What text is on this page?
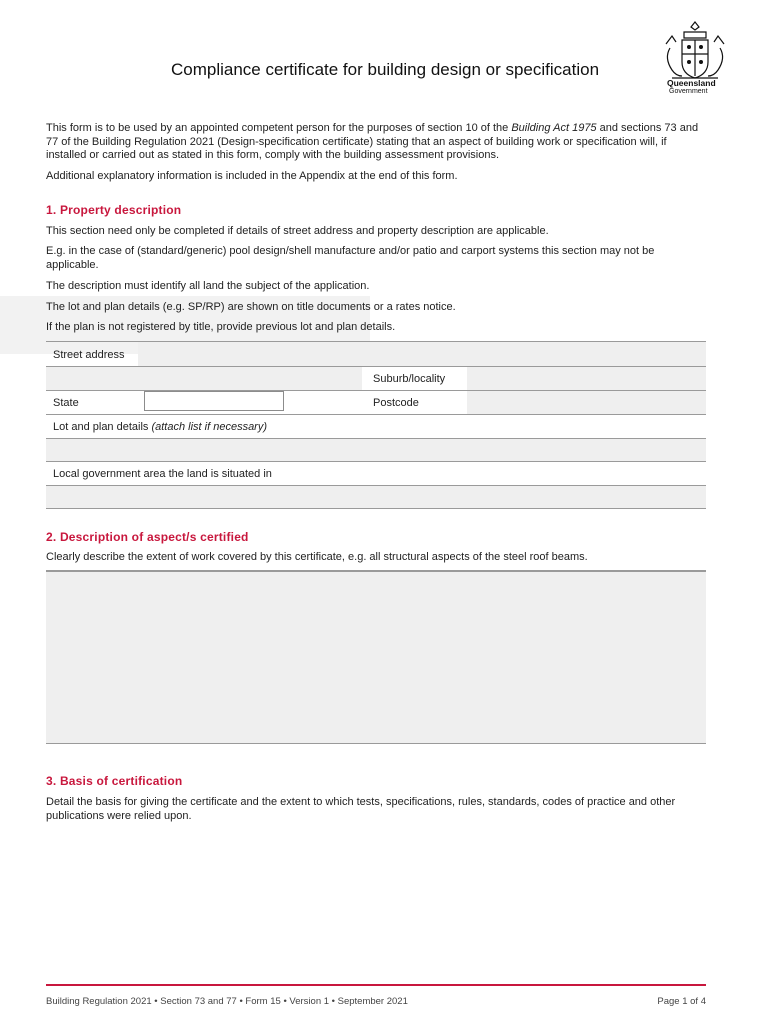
Compliance certificate for building design or specification
Queensland
Government
This form is to be used by an appointed competent person for the purposes of section 10 of the Building Act 1975 and sections 73 and 77 of the Building Regulation 2021 (Design-specification certificate) stating that an aspect of building work or specification will, if installed or carried out as stated in this form, comply with the building assessment provisions.
Additional explanatory information is included in the Appendix at the end of this form.
1. Property description
This section need only be completed if details of street address and property description are applicable.
E.g. in the case of (standard/generic) pool design/shell manufacture and/or patio and carport systems this section may not be applicable.
The description must identify all land the subject of the application.
The lot and plan details (e.g. SP/RP) are shown on title documents or a rates notice.
If the plan is not registered by title, provide previous lot and plan details.
Street address
Suburb/locality
State	Postcode
Lot and plan details (attach list if necessary)
Local government area the land is situated in
2. Description of aspect/s certified
Clearly describe the extent of work covered by this certificate, e.g. all structural aspects of the steel roof beams.
3. Basis of certification
Detail the basis for giving the certificate and the extent to which tests, specifications, rules, standards, codes of practice and other publications were relied upon.
Building Regulation 2021 • Section 73 and 77 • Form 15 • Version 1 • September 2021	Page 1 of 4
